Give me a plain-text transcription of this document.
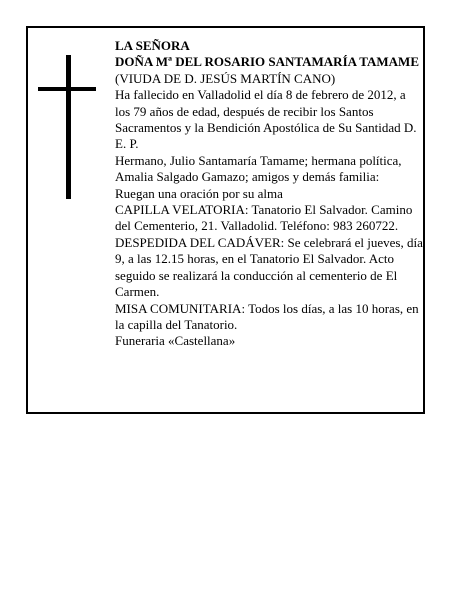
LA SEÑORA

DOÑA Mª DEL ROSARIO SANTAMARÍA TAMAME

(VIUDA DE D. JESÚS MARTÍN CANO)

Ha fallecido en Valladolid el día 8 de febrero de 2012, a los 79 años de edad, después de recibir los Santos Sacramentos y la Bendición Apostólica de Su Santidad D. E. P.

Hermano, Julio Santamaría Tamame; hermana política, Amalia Salgado Gamazo; amigos y demás familia:

Ruegan una oración por su alma

CAPILLA VELATORIA: Tanatorio El Salvador. Camino del Cementerio, 21. Valladolid. Teléfono: 983 260722.

DESPEDIDA DEL CADÁVER: Se celebrará el jueves, día 9, a las 12.15 horas, en el Tanatorio El Salvador. Acto seguido se realizará la conducción al cementerio de El Carmen.

MISA COMUNITARIA: Todos los días, a las 10 horas, en la capilla del Tanatorio.

Funeraria «Castellana»
